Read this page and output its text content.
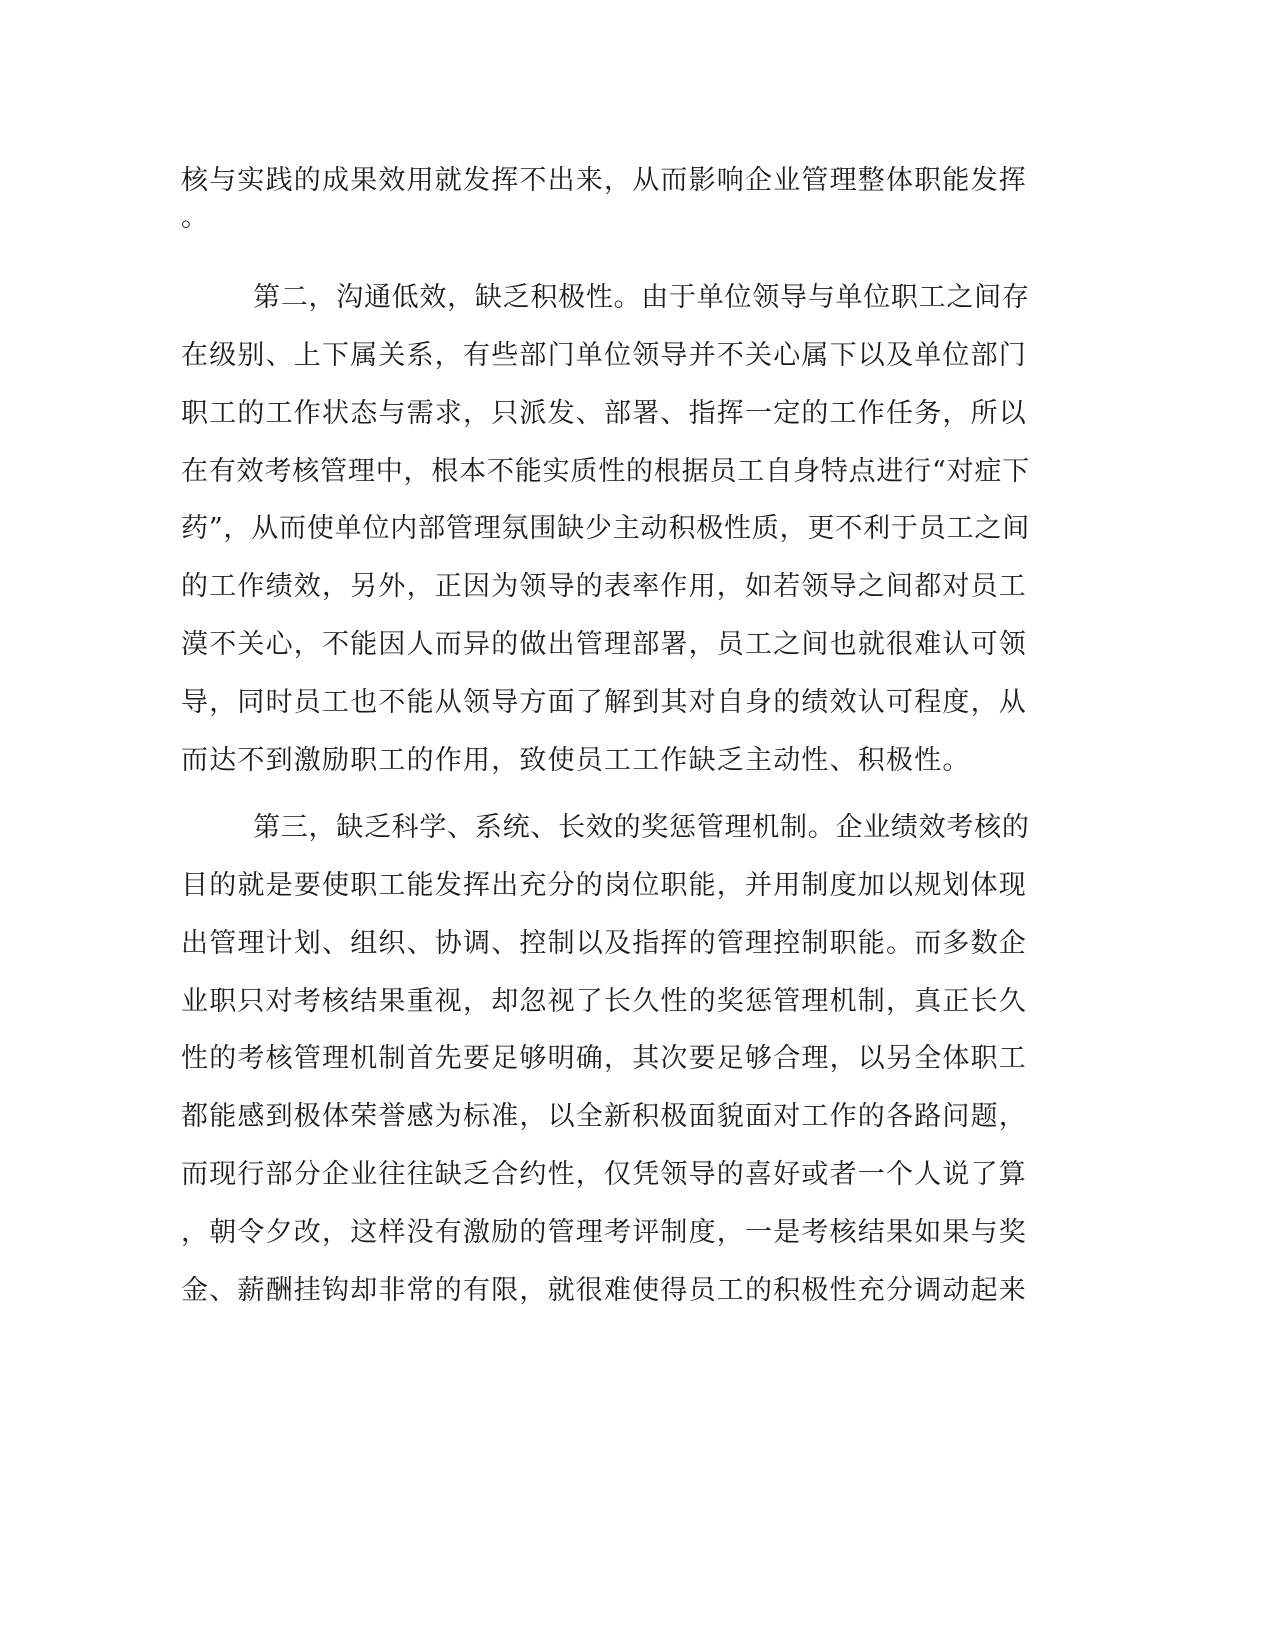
核与实践的成果效用就发挥不出来，从而影响企业管理整体职能发挥
。
第二，沟通低效，缺乏积极性。由于单位领导与单位职工之间存
在级别、上下属关系，有些部门单位领导并不关心属下以及单位部门
职工的工作状态与需求，只派发、部署、指挥一定的工作任务，所以
在有效考核管理中，根本不能实质性的根据员工自身特点进行“对症下
药”，从而使单位内部管理氛围缺少主动积极性质，更不利于员工之间
的工作绩效，另外，正因为领导的表率作用，如若领导之间都对员工
漠不关心，不能因人而异的做出管理部署，员工之间也就很难认可领
导，同时员工也不能从领导方面了解到其对自身的绩效认可程度，从
而达不到激励职工的作用，致使员工工作缺乏主动性、积极性。
第三，缺乏科学、系统、长效的奖惩管理机制。企业绩效考核的
目的就是要使职工能发挥出充分的岗位职能，并用制度加以规划体现
出管理计划、组织、协调、控制以及指挥的管理控制职能。而多数企
业职只对考核结果重视，却忽视了长久性的奖惩管理机制，真正长久
性的考核管理机制首先要足够明确，其次要足够合理，以另全体职工
都能感到极体荣誉感为标准，以全新积极面貌面对工作的各路问题，
而现行部分企业往往缺乏合约性，仅凭领导的喜好或者一个人说了算
，朝令夕改，这样没有激励的管理考评制度，一是考核结果如果与奖
金、薪酬挂钩却非常的有限，就很难使得员工的积极性充分调动起来
